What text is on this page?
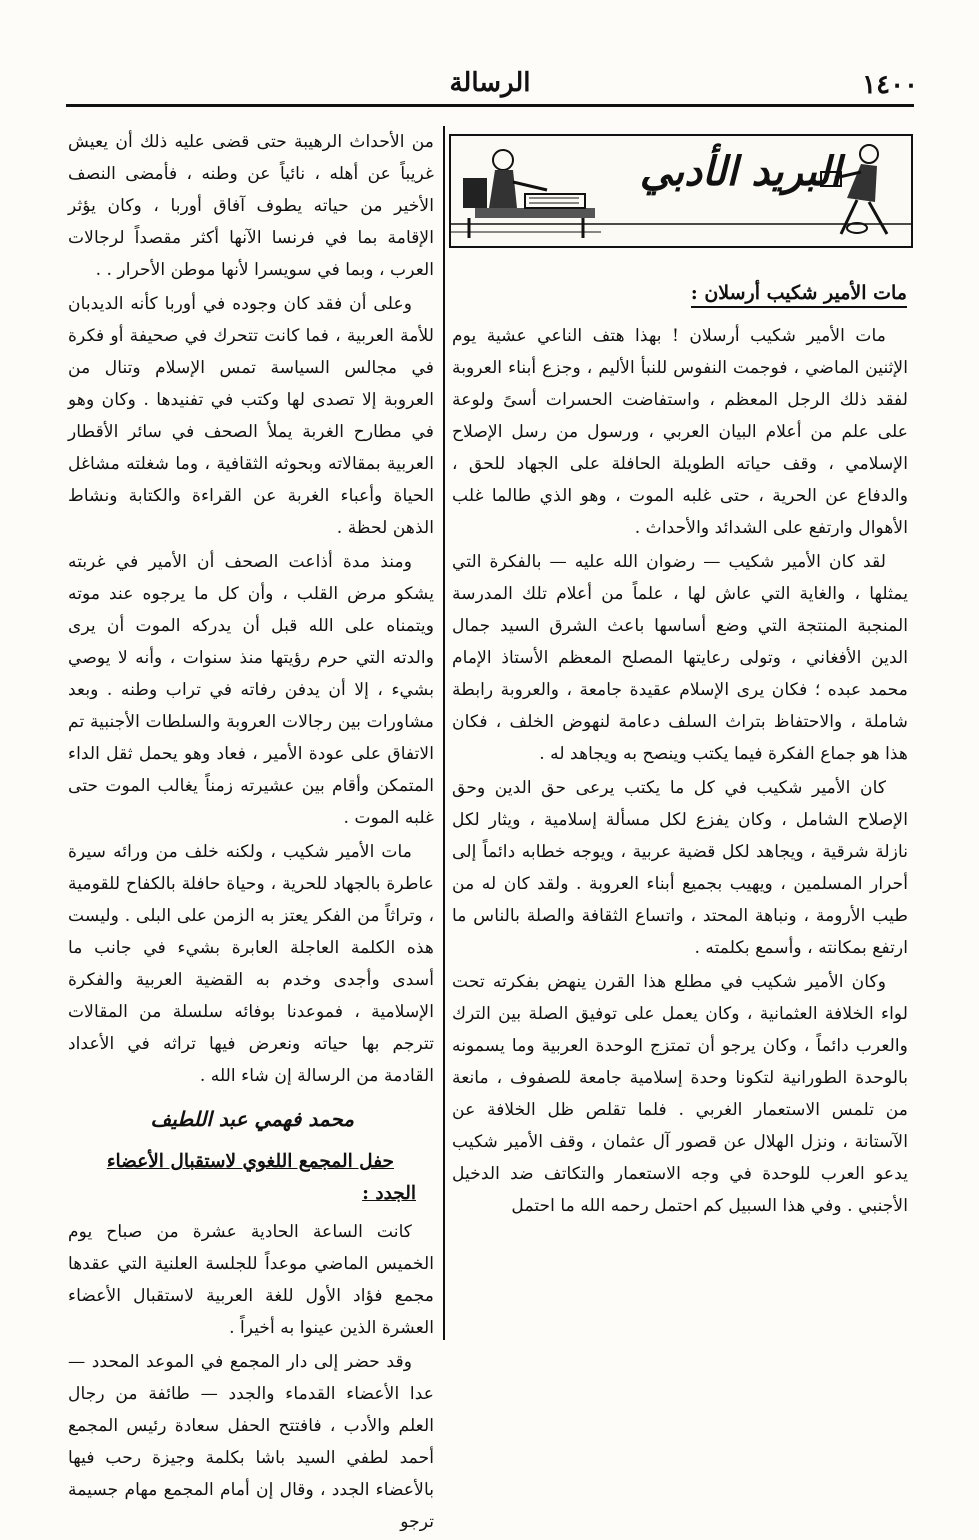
١٤٠٠
الرسالة
البريد الأدبي
مات الأمير شكيب أرسلان :

مات الأمير شكيب أرسلان ! بهذا هتف الناعي عشية يوم الإثنين الماضي ، فوجمت النفوس للنبأ الأليم ، وجزع أبناء العروبة لفقد ذلك الرجل المعظم ، واستفاضت الحسرات أسىً ولوعة على علم من أعلام البيان العربي ، ورسول من رسل الإصلاح الإسلامي ، وقف حياته الطويلة الحافلة على الجهاد للحق ، والدفاع عن الحرية ، حتى غلبه الموت ، وهو الذي طالما غلب الأهوال وارتفع على الشدائد والأحداث .

لقد كان الأمير شكيب — رضوان الله عليه — بالفكرة التي يمثلها ، والغاية التي عاش لها ، علماً من أعلام تلك المدرسة المنجبة المنتجة التي وضع أساسها باعث الشرق السيد جمال الدين الأفغاني ، وتولى رعايتها المصلح المعظم الأستاذ الإمام محمد عبده ؛ فكان يرى الإسلام عقيدة جامعة ، والعروبة رابطة شاملة ، والاحتفاظ بتراث السلف دعامة لنهوض الخلف ، فكان هذا هو جماع الفكرة فيما يكتب وينصح به ويجاهد له .

كان الأمير شكيب في كل ما يكتب يرعى حق الدين وحق الإصلاح الشامل ، وكان يفزع لكل مسألة إسلامية ، ويثار لكل نازلة شرقية ، ويجاهد لكل قضية عربية ، ويوجه خطابه دائماً إلى أحرار المسلمين ، ويهيب بجميع أبناء العروبة . ولقد كان له من طيب الأرومة ، ونباهة المحتد ، واتساع الثقافة والصلة بالناس ما ارتفع بمكانته ، وأسمع بكلمته .

وكان الأمير شكيب في مطلع هذا القرن ينهض بفكرته تحت لواء الخلافة العثمانية ، وكان يعمل على توفيق الصلة بين الترك والعرب دائماً ، وكان يرجو أن تمتزج الوحدة العربية وما يسمونه بالوحدة الطورانية لتكونا وحدة إسلامية جامعة للصفوف ، مانعة من تلمس الاستعمار الغربي . فلما تقلص ظل الخلافة عن الآستانة ، ونزل الهلال عن قصور آل عثمان ، وقف الأمير شكيب يدعو العرب للوحدة في وجه الاستعمار والتكاتف ضد الدخيل الأجنبي . وفي هذا السبيل كم احتمل رحمه الله ما احتمل

من الأحداث الرهيبة حتى قضى عليه ذلك أن يعيش غريباً عن أهله ، نائياً عن وطنه ، فأمضى النصف الأخير من حياته يطوف آفاق أوربا ، وكان يؤثر الإقامة بما في فرنسا الآنها أكثر مقصداً لرجالات العرب ، وبما في سويسرا لأنها موطن الأحرار . .

وعلى أن فقد كان وجوده في أوربا كأنه الديدبان للأمة العربية ، فما كانت تتحرك في صحيفة أو فكرة في مجالس السياسة تمس الإسلام وتنال من العروبة إلا تصدى لها وكتب في تفنيدها . وكان وهو في مطارح الغربة يملأ الصحف في سائر الأقطار العربية بمقالاته وبحوثه الثقافية ، وما شغلته مشاغل الحياة وأعباء الغربة عن القراءة والكتابة ونشاط الذهن لحظة .

ومنذ مدة أذاعت الصحف أن الأمير في غربته يشكو مرض القلب ، وأن كل ما يرجوه عند موته ويتمناه على الله قبل أن يدركه الموت أن يرى والدته التي حرم رؤيتها منذ سنوات ، وأنه لا يوصي بشيء ، إلا أن يدفن رفاته في تراب وطنه . وبعد مشاورات بين رجالات العروبة والسلطات الأجنبية تم الاتفاق على عودة الأمير ، فعاد وهو يحمل ثقل الداء المتمكن وأقام بين عشيرته زمناً يغالب الموت حتى غلبه الموت .

مات الأمير شكيب ، ولكنه خلف من ورائه سيرة عاطرة بالجهاد للحرية ، وحياة حافلة بالكفاح للقومية ، وتراثاً من الفكر يعتز به الزمن على البلى . وليست هذه الكلمة العاجلة العابرة بشيء في جانب ما أسدى وأجدى وخدم به القضية العربية والفكرة الإسلامية ، فموعدنا بوفائه سلسلة من المقالات تترجم بها حياته ونعرض فيها تراثه في الأعداد القادمة من الرسالة إن شاء الله .

محمد فهمي عبد اللطيف

حفل المجمع اللغوي لاستقبال الأعضاء الجدد :

كانت الساعة الحادية عشرة من صباح يوم الخميس الماضي موعداً للجلسة العلنية التي عقدها مجمع فؤاد الأول للغة العربية لاستقبال الأعضاء العشرة الذين عينوا به أخيراً .

وقد حضر إلى دار المجمع في الموعد المحدد — عدا الأعضاء القدماء والجدد — طائفة من رجال العلم والأدب ، فافتتح الحفل سعادة رئيس المجمع أحمد لطفي السيد باشا بكلمة وجيزة رحب فيها بالأعضاء الجدد ، وقال إن أمام المجمع مهام جسيمة ترجو
